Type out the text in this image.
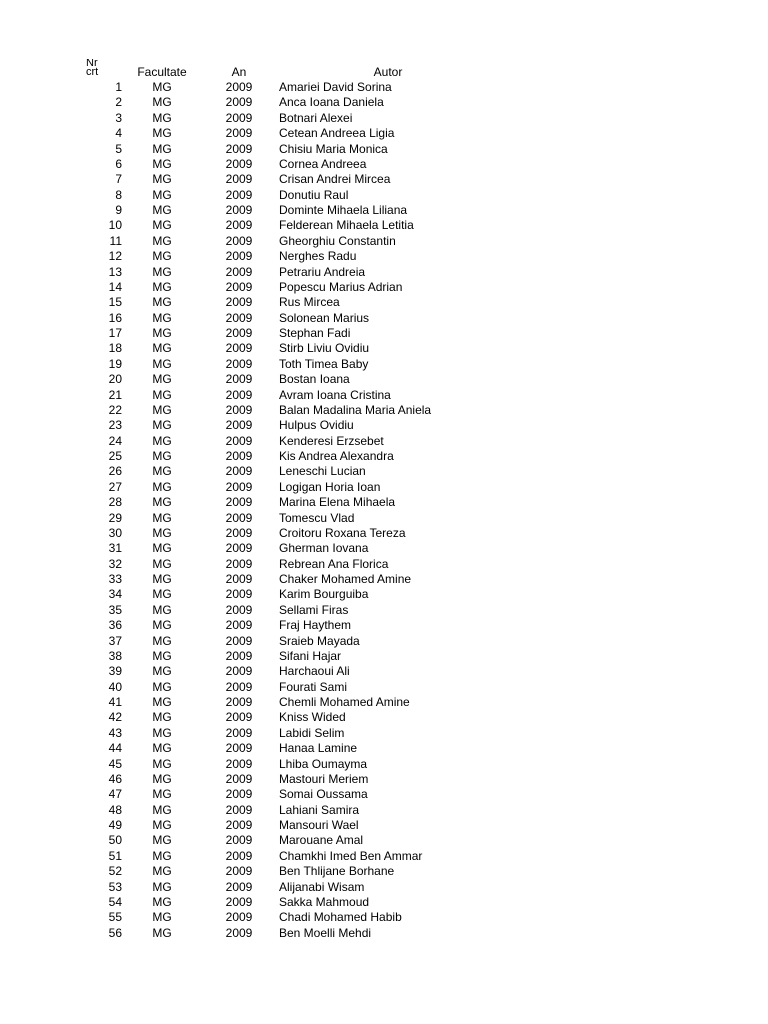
Nr crt	Facultate	An	Autor
1	MG	2009	Amariei David Sorina
2	MG	2009	Anca Ioana Daniela
3	MG	2009	Botnari Alexei
4	MG	2009	Cetean Andreea Ligia
5	MG	2009	Chisiu Maria Monica
6	MG	2009	Cornea Andreea
7	MG	2009	Crisan Andrei Mircea
8	MG	2009	Donutiu Raul
9	MG	2009	Dominte Mihaela Liliana
10	MG	2009	Felderean Mihaela Letitia
11	MG	2009	Gheorghiu Constantin
12	MG	2009	Nerghes Radu
13	MG	2009	Petrariu Andreia
14	MG	2009	Popescu Marius Adrian
15	MG	2009	Rus Mircea
16	MG	2009	Solonean Marius
17	MG	2009	Stephan Fadi
18	MG	2009	Stirb Liviu Ovidiu
19	MG	2009	Toth Timea Baby
20	MG	2009	Bostan Ioana
21	MG	2009	Avram Ioana Cristina
22	MG	2009	Balan Madalina Maria Aniela
23	MG	2009	Hulpus Ovidiu
24	MG	2009	Kenderesi Erzsebet
25	MG	2009	Kis Andrea Alexandra
26	MG	2009	Leneschi Lucian
27	MG	2009	Logigan Horia Ioan
28	MG	2009	Marina Elena Mihaela
29	MG	2009	Tomescu Vlad
30	MG	2009	Croitoru Roxana Tereza
31	MG	2009	Gherman Iovana
32	MG	2009	Rebrean Ana Florica
33	MG	2009	Chaker Mohamed Amine
34	MG	2009	Karim Bourguiba
35	MG	2009	Sellami Firas
36	MG	2009	Fraj Haythem
37	MG	2009	Sraieb Mayada
38	MG	2009	Sifani Hajar
39	MG	2009	Harchaoui Ali
40	MG	2009	Fourati Sami
41	MG	2009	Chemli Mohamed Amine
42	MG	2009	Kniss Wided
43	MG	2009	Labidi Selim
44	MG	2009	Hanaa Lamine
45	MG	2009	Lhiba Oumayma
46	MG	2009	Mastouri Meriem
47	MG	2009	Somai Oussama
48	MG	2009	Lahiani Samira
49	MG	2009	Mansouri Wael
50	MG	2009	Marouane Amal
51	MG	2009	Chamkhi Imed Ben Ammar
52	MG	2009	Ben Thlijane Borhane
53	MG	2009	Alijanabi Wisam
54	MG	2009	Sakka Mahmoud
55	MG	2009	Chadi Mohamed Habib
56	MG	2009	Ben Moelli Mehdi
